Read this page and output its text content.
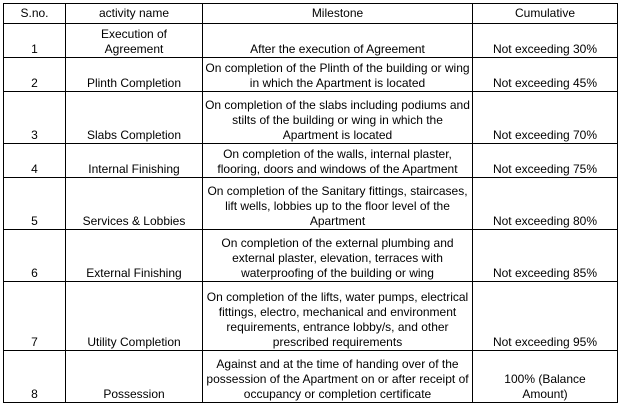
S.no.	activity name	Milestone	Cumulative
1	Execution of Agreement	After the execution of Agreement	Not exceeding 30%
2	Plinth Completion	On completion of the Plinth of the building or wing in which the Apartment is located	Not exceeding 45%
3	Slabs Completion	On completion of the slabs including podiums and stilts of the building or wing in which the Apartment is located	Not exceeding 70%
4	Internal Finishing	On completion of the walls, internal plaster, flooring, doors and windows of the Apartment	Not exceeding 75%
5	Services & Lobbies	On completion of the Sanitary fittings, staircases, lift wells, lobbies up to the floor level of the Apartment	Not exceeding 80%
6	External Finishing	On completion of the external plumbing and external plaster, elevation, terraces with waterproofing of the building or wing	Not exceeding 85%
7	Utility Completion	On completion of the lifts, water pumps, electrical fittings, electro, mechanical and environment requirements, entrance lobby/s, and other prescribed requirements	Not exceeding 95%
8	Possession	Against and at the time of handing over of the possession of the Apartment on or after receipt of occupancy or completion certificate	100% (Balance Amount)
